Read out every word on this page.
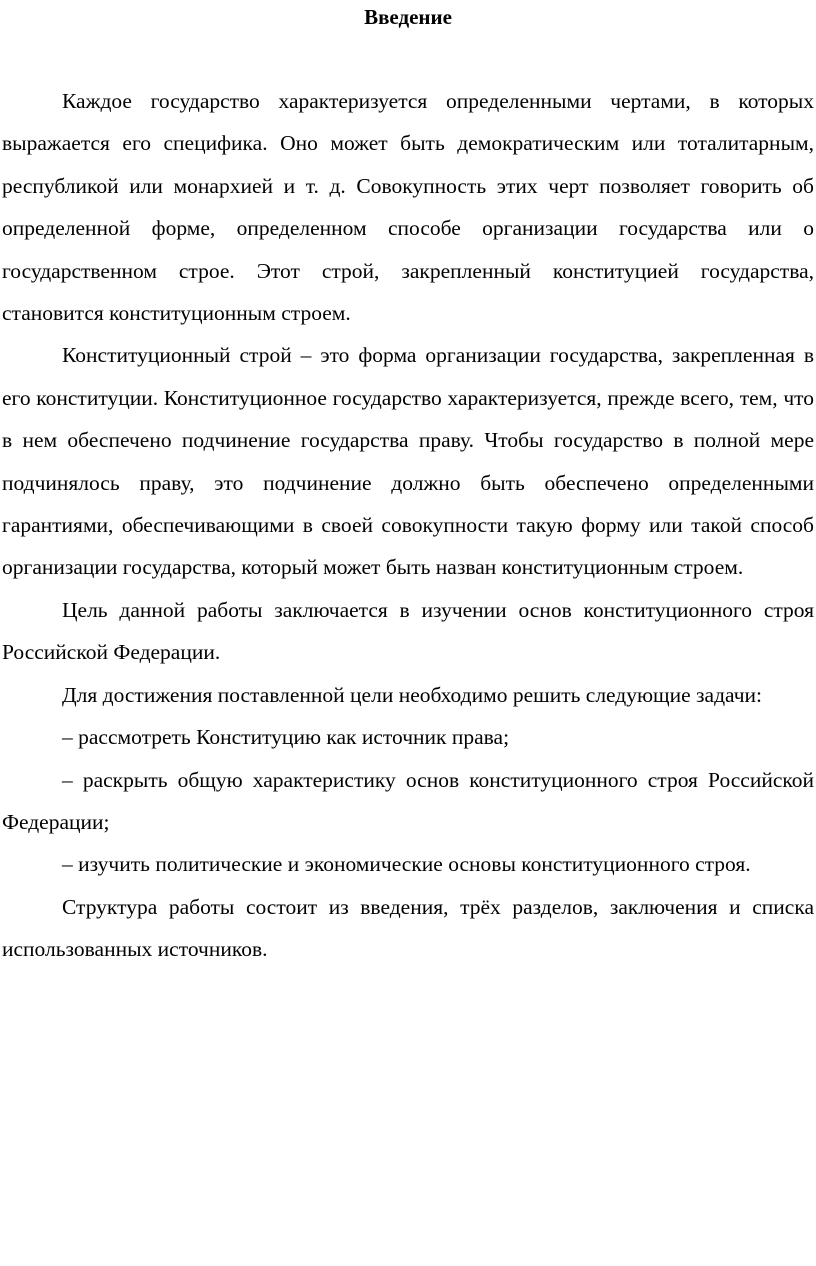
Введение

Каждое государство характеризуется определенными чертами, в которых выражается его специфика. Оно может быть демократическим или тоталитарным, республикой или монархией и т. д. Совокупность этих черт позволяет говорить об определенной форме, определенном способе организации государства или о государственном строе. Этот строй, закрепленный конституцией государства, становится конституционным строем.

Конституционный строй – это форма организации государства, закрепленная в его конституции. Конституционное государство характеризуется, прежде всего, тем, что в нем обеспечено подчинение государства праву. Чтобы государство в полной мере подчинялось праву, это подчинение должно быть обеспечено определенными гарантиями, обеспечивающими в своей совокупности такую форму или такой способ организации государства, который может быть назван конституционным строем.

Цель данной работы заключается в изучении основ конституционного строя Российской Федерации.

Для достижения поставленной цели необходимо решить следующие задачи:

– рассмотреть Конституцию как источник права;

– раскрыть общую характеристику основ конституционного строя Российской Федерации;

– изучить политические и экономические основы конституционного строя.

Структура работы состоит из введения, трёх разделов, заключения и списка использованных источников.
